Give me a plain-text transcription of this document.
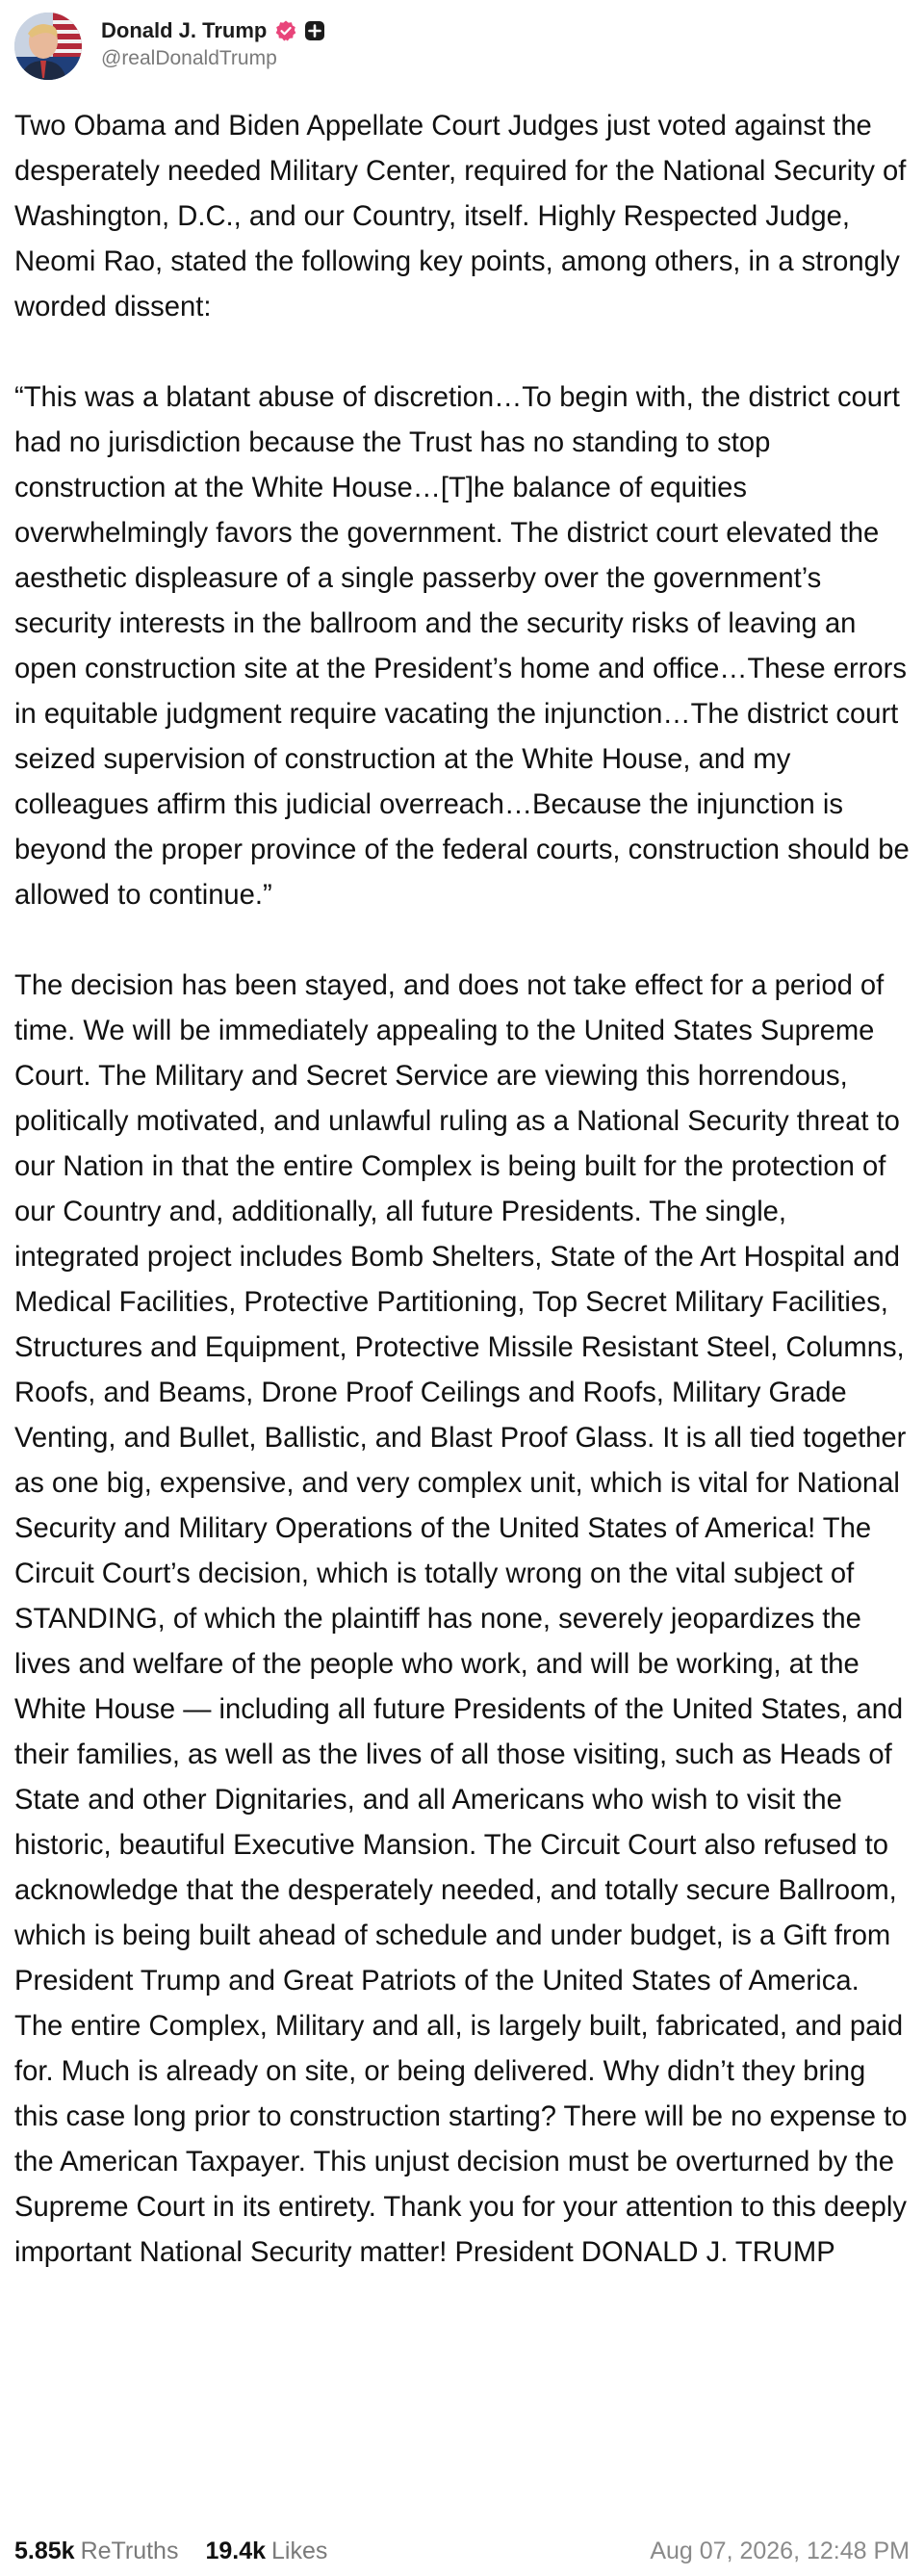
Donald J. Trump
@realDonaldTrump

Two Obama and Biden Appellate Court Judges just voted against the desperately needed Military Center, required for the National Security of Washington, D.C., and our Country, itself. Highly Respected Judge, Neomi Rao, stated the following key points, among others, in a strongly worded dissent:

“This was a blatant abuse of discretion…To begin with, the district court had no jurisdiction because the Trust has no standing to stop construction at the White House…[T]he balance of equities overwhelmingly favors the government. The district court elevated the aesthetic displeasure of a single passerby over the government’s security interests in the ballroom and the security risks of leaving an open construction site at the President’s home and office…These errors in equitable judgment require vacating the injunction…The district court seized supervision of construction at the White House, and my colleagues affirm this judicial overreach…Because the injunction is beyond the proper province of the federal courts, construction should be allowed to continue.”

The decision has been stayed, and does not take effect for a period of time. We will be immediately appealing to the United States Supreme Court. The Military and Secret Service are viewing this horrendous, politically motivated, and unlawful ruling as a National Security threat to our Nation in that the entire Complex is being built for the protection of our Country and, additionally, all future Presidents. The single, integrated project includes Bomb Shelters, State of the Art Hospital and Medical Facilities, Protective Partitioning, Top Secret Military Facilities, Structures and Equipment, Protective Missile Resistant Steel, Columns, Roofs, and Beams, Drone Proof Ceilings and Roofs, Military Grade Venting, and Bullet, Ballistic, and Blast Proof Glass. It is all tied together as one big, expensive, and very complex unit, which is vital for National Security and Military Operations of the United States of America! The Circuit Court’s decision, which is totally wrong on the vital subject of STANDING, of which the plaintiff has none, severely jeopardizes the lives and welfare of the people who work, and will be working, at the White House — including all future Presidents of the United States, and their families, as well as the lives of all those visiting, such as Heads of State and other Dignitaries, and all Americans who wish to visit the historic, beautiful Executive Mansion. The Circuit Court also refused to acknowledge that the desperately needed, and totally secure Ballroom, which is being built ahead of schedule and under budget, is a Gift from President Trump and Great Patriots of the United States of America. The entire Complex, Military and all, is largely built, fabricated, and paid for. Much is already on site, or being delivered. Why didn’t they bring this case long prior to construction starting? There will be no expense to the American Taxpayer. This unjust decision must be overturned by the Supreme Court in its entirety. Thank you for your attention to this deeply important National Security matter! President DONALD J. TRUMP

5.85k ReTruths 19.4k Likes	Aug 07, 2026, 12:48 PM
